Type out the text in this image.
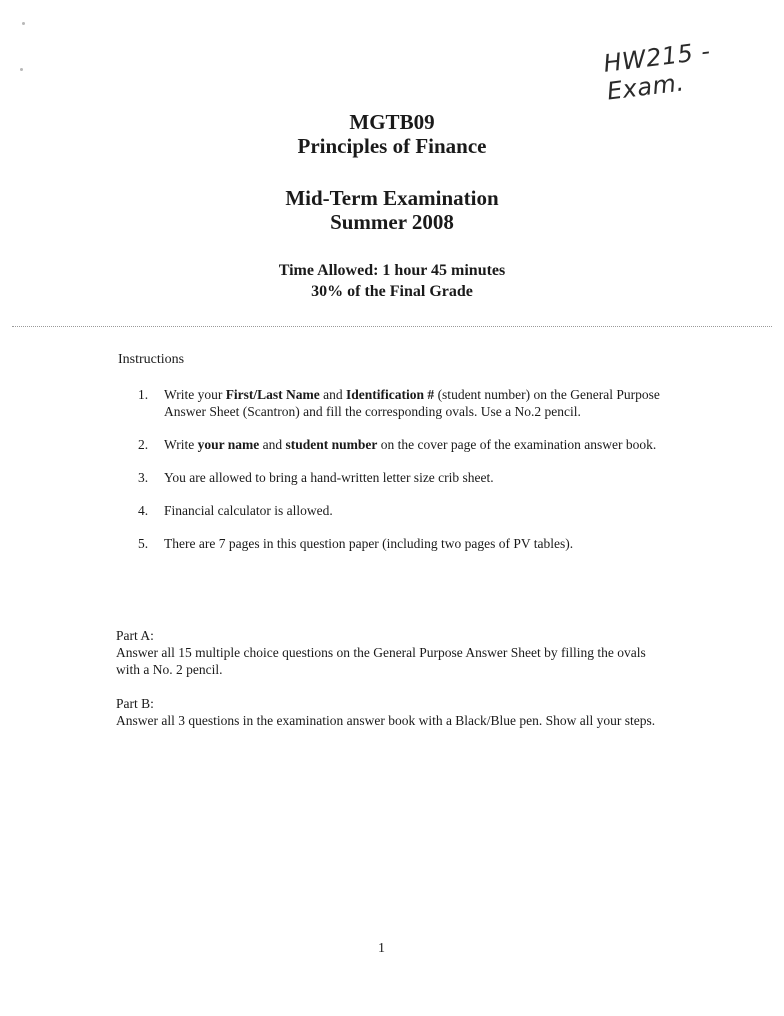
HW215 - Exam.
MGTB09
Principles of Finance
Mid-Term Examination
Summer 2008
Time Allowed: 1 hour 45 minutes
30% of the Final Grade
Instructions
1.	Write your First/Last Name and Identification # (student number) on the General Purpose Answer Sheet (Scantron) and fill the corresponding ovals. Use a No.2 pencil.
2.	Write your name and student number on the cover page of the examination answer book.
3.	You are allowed to bring a hand-written letter size crib sheet.
4.	Financial calculator is allowed.
5.	There are 7 pages in this question paper (including two pages of PV tables).
Part A:
Answer all 15 multiple choice questions on the General Purpose Answer Sheet by filling the ovals with a No. 2 pencil.
Part B:
Answer all 3 questions in the examination answer book with a Black/Blue pen. Show all your steps.
1
